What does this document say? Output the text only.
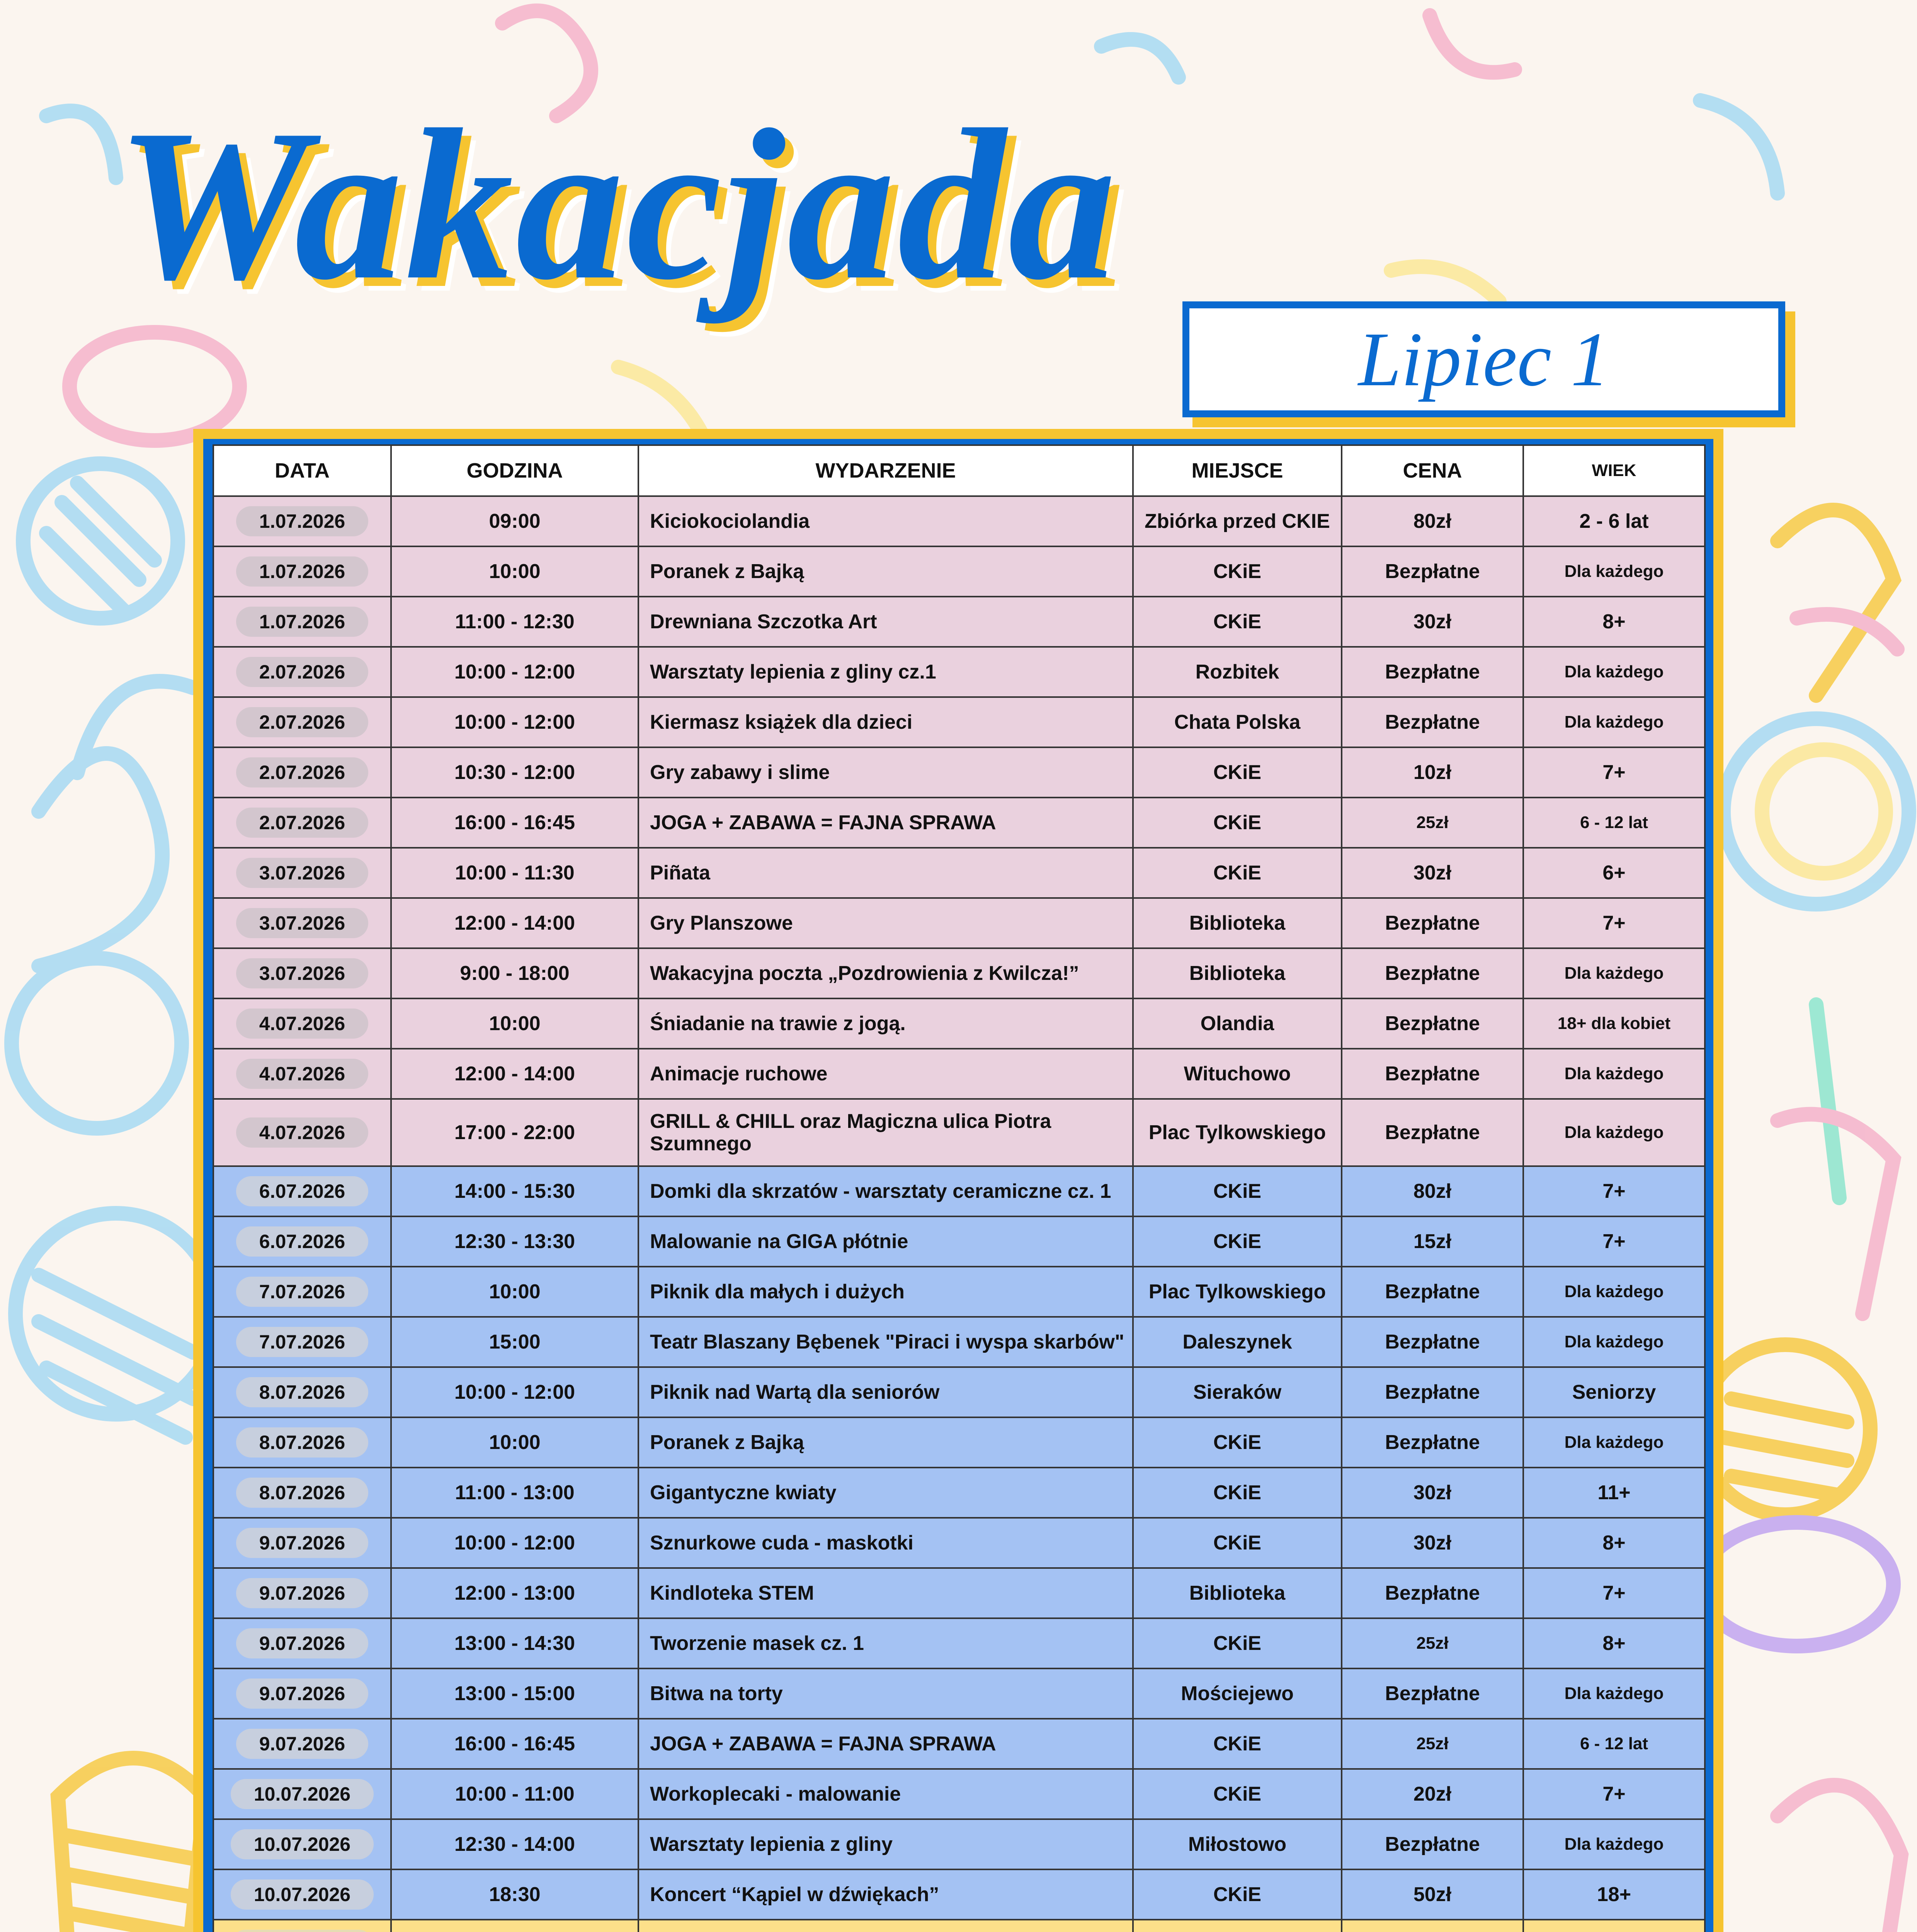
Wakacjada
Lipiec 1
DATA	GODZINA	WYDARZENIE	MIEJSCE	CENA	WIEK
1.07.2026	09:00	Kiciokociolandia	Zbiórka przed CKIE	80zł	2 - 6 lat
1.07.2026	10:00	Poranek z Bajką	CKiE	Bezpłatne	Dla każdego
1.07.2026	11:00 - 12:30	Drewniana Szczotka Art	CKiE	30zł	8+
2.07.2026	10:00 - 12:00	Warsztaty lepienia z gliny cz.1	Rozbitek	Bezpłatne	Dla każdego
2.07.2026	10:00 - 12:00	Kiermasz książek dla dzieci	Chata Polska	Bezpłatne	Dla każdego
2.07.2026	10:30 - 12:00	Gry zabawy i slime	CKiE	10zł	7+
2.07.2026	16:00 - 16:45	JOGA + ZABAWA = FAJNA SPRAWA	CKiE	25zł	6 - 12 lat
3.07.2026	10:00 - 11:30	Piñata	CKiE	30zł	6+
3.07.2026	12:00 - 14:00	Gry Planszowe	Biblioteka	Bezpłatne	7+
3.07.2026	9:00 - 18:00	Wakacyjna poczta „Pozdrowienia z Kwilcza!”	Biblioteka	Bezpłatne	Dla każdego
4.07.2026	10:00	Śniadanie na trawie z jogą.	Olandia	Bezpłatne	18+ dla kobiet
4.07.2026	12:00 - 14:00	Animacje ruchowe	Wituchowo	Bezpłatne	Dla każdego
4.07.2026	17:00 - 22:00	GRILL & CHILL oraz Magiczna ulica Piotra Szumnego	Plac Tylkowskiego	Bezpłatne	Dla każdego
6.07.2026	14:00 - 15:30	Domki dla skrzatów - warsztaty ceramiczne cz. 1	CKiE	80zł	7+
6.07.2026	12:30 - 13:30	Malowanie na GIGA płótnie	CKiE	15zł	7+
7.07.2026	10:00	Piknik dla małych i dużych	Plac Tylkowskiego	Bezpłatne	Dla każdego
7.07.2026	15:00	Teatr Blaszany Bębenek "Piraci i wyspa skarbów"	Daleszynek	Bezpłatne	Dla każdego
8.07.2026	10:00 - 12:00	Piknik nad Wartą dla seniorów	Sieraków	Bezpłatne	Seniorzy
8.07.2026	10:00	Poranek z Bajką	CKiE	Bezpłatne	Dla każdego
8.07.2026	11:00 - 13:00	Gigantyczne kwiaty	CKiE	30zł	11+
9.07.2026	10:00 - 12:00	Sznurkowe cuda - maskotki	CKiE	30zł	8+
9.07.2026	12:00 - 13:00	Kindloteka STEM	Biblioteka	Bezpłatne	7+
9.07.2026	13:00 - 14:30	Tworzenie masek cz. 1	CKiE	25zł	8+
9.07.2026	13:00 - 15:00	Bitwa na torty	Mościejewo	Bezpłatne	Dla każdego
9.07.2026	16:00 - 16:45	JOGA + ZABAWA = FAJNA SPRAWA	CKiE	25zł	6 - 12 lat
10.07.2026	10:00 - 11:00	Workoplecaki - malowanie	CKiE	20zł	7+
10.07.2026	12:30 - 14:00	Warsztaty lepienia z gliny	Miłostowo	Bezpłatne	Dla każdego
10.07.2026	18:30	Koncert “Kąpiel w dźwiękach”	CKiE	50zł	18+
